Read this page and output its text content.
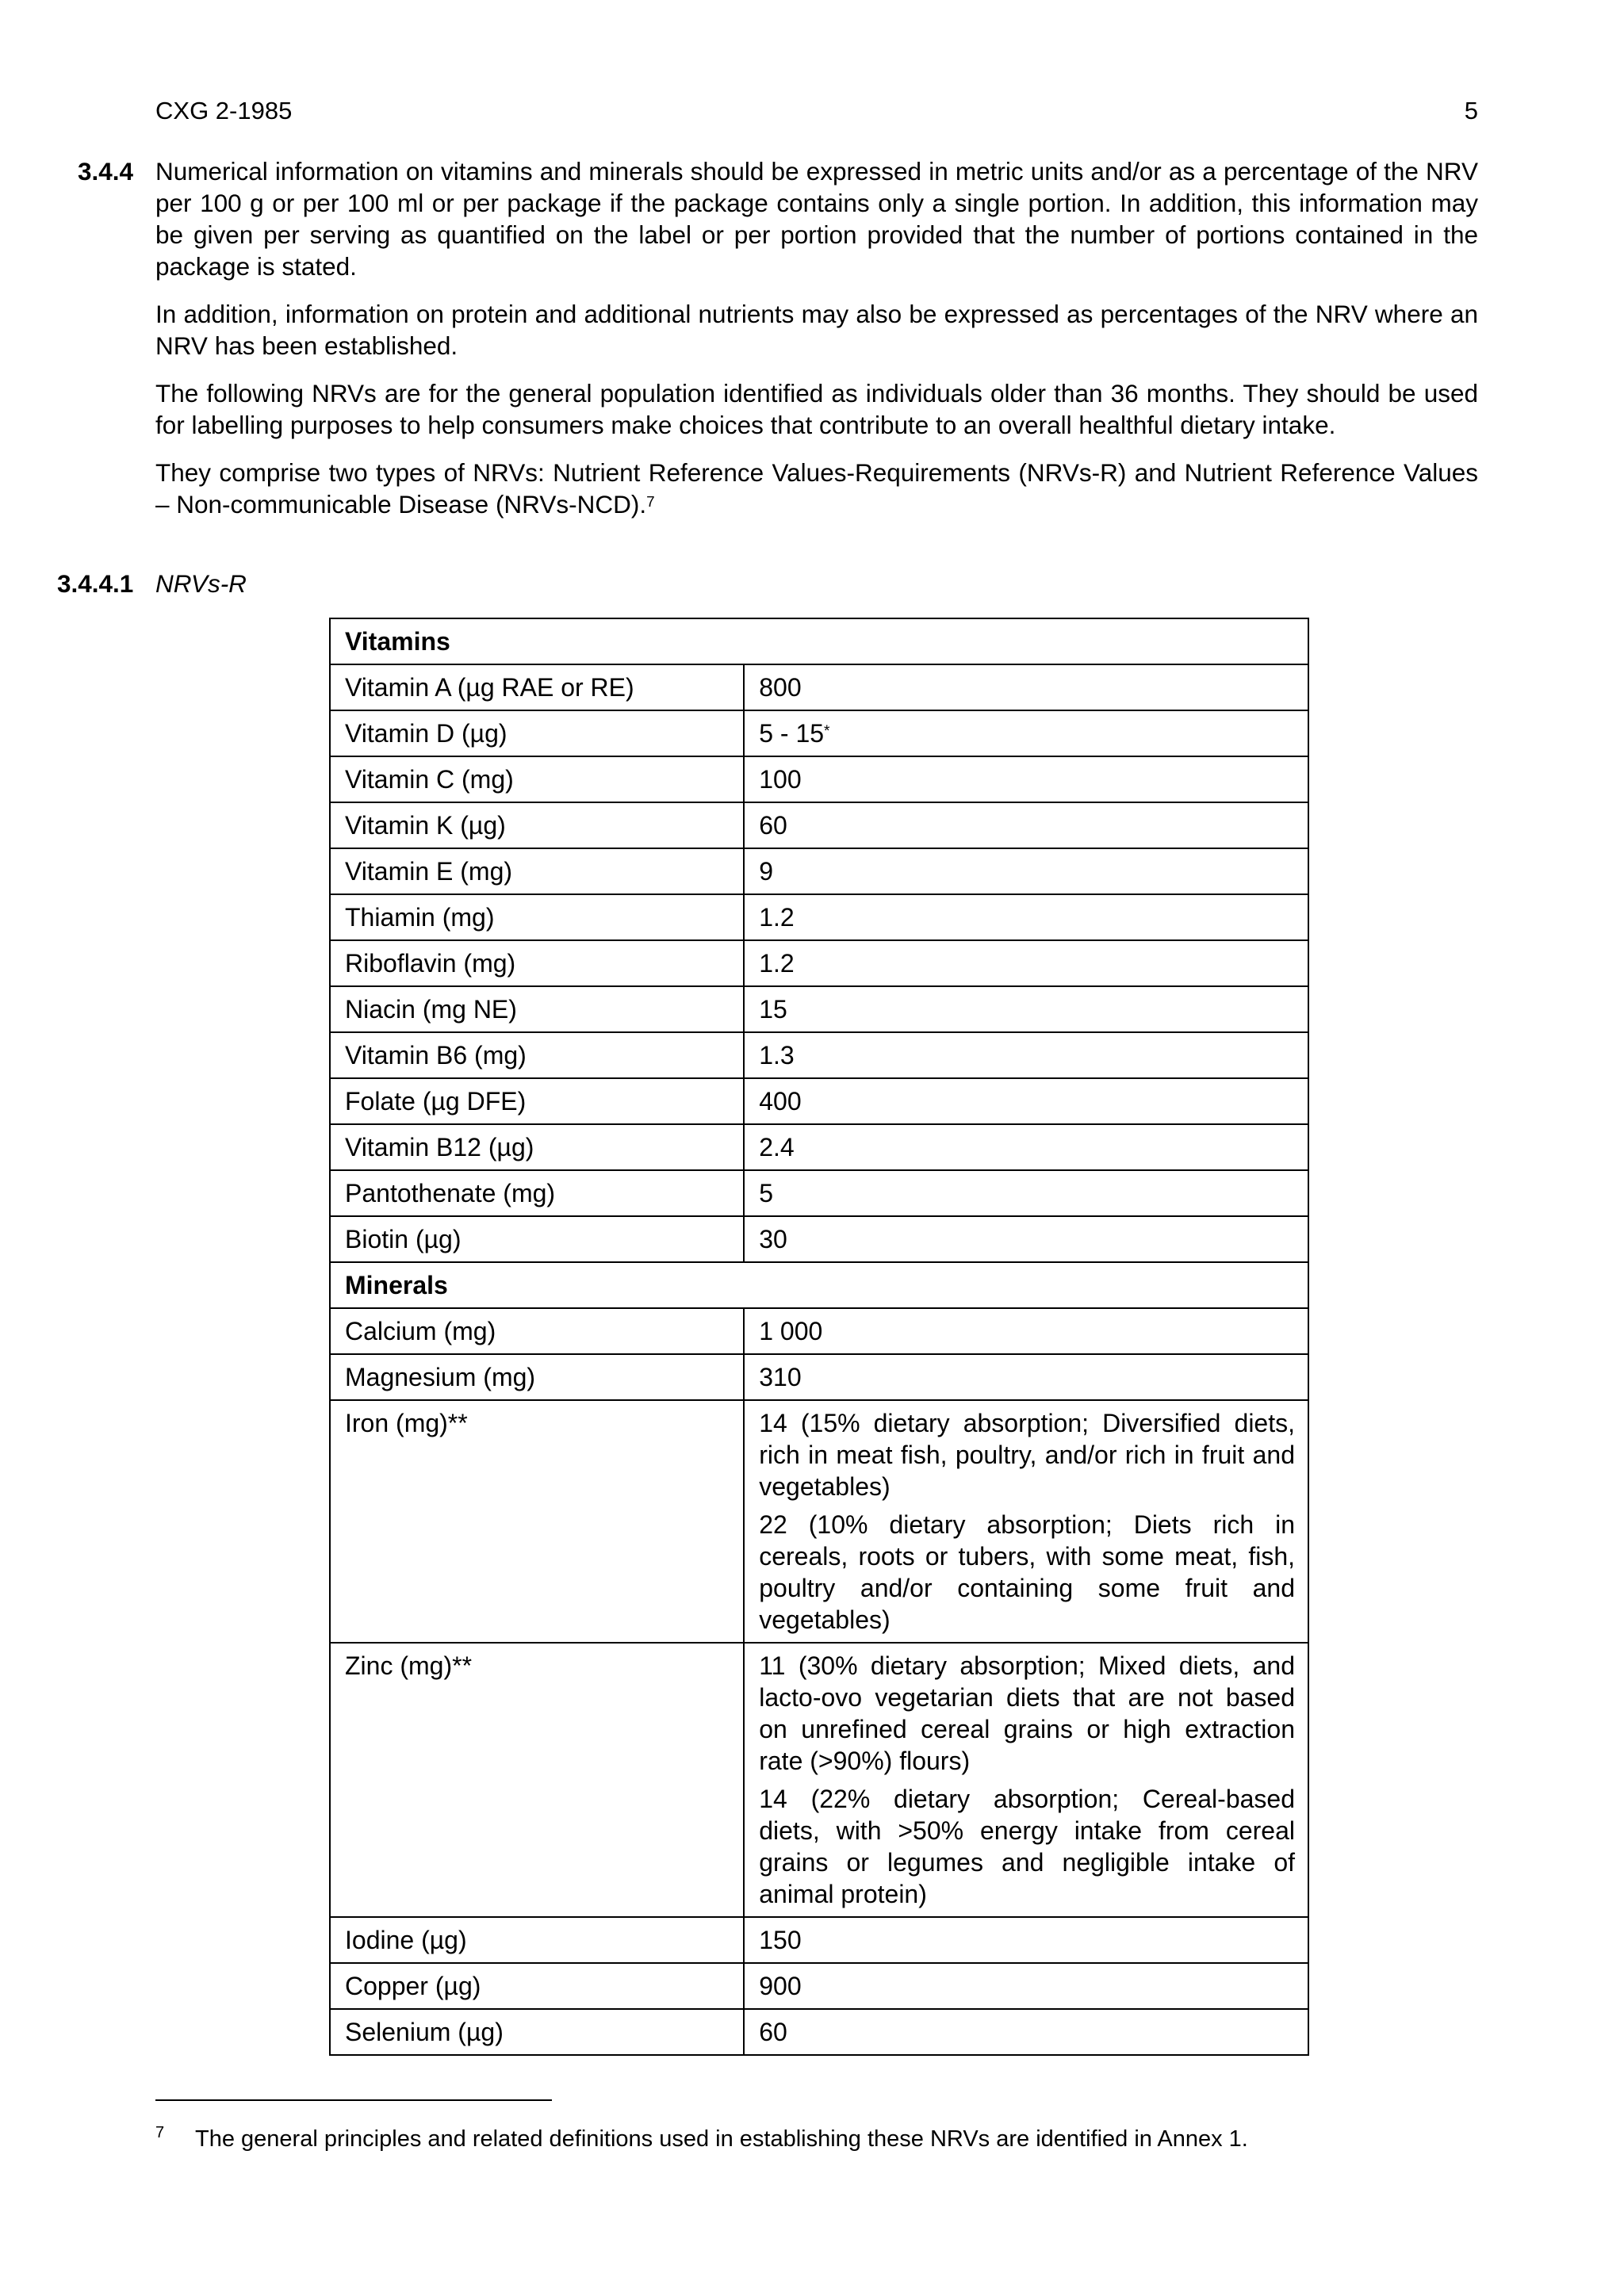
CXG 2-1985	5
3.4.4 Numerical information on vitamins and minerals should be expressed in metric units and/or as a percentage of the NRV per 100 g or per 100 ml or per package if the package contains only a single portion. In addition, this information may be given per serving as quantified on the label or per portion provided that the number of portions contained in the package is stated.

In addition, information on protein and additional nutrients may also be expressed as percentages of the NRV where an NRV has been established.

The following NRVs are for the general population identified as individuals older than 36 months. They should be used for labelling purposes to help consumers make choices that contribute to an overall healthful dietary intake.

They comprise two types of NRVs: Nutrient Reference Values-Requirements (NRVs-R) and Nutrient Reference Values – Non-communicable Disease (NRVs-NCD).$^7$

3.4.4.1 NRVs-R
Vitamins	
Vitamin A (µg RAE or RE)	800
Vitamin D (µg)	5 - 15*
Vitamin C (mg)	100
Vitamin K (µg)	60
Vitamin E (mg)	9
Thiamin (mg)	1.2
Riboflavin (mg)	1.2
Niacin (mg NE)	15
Vitamin B6 (mg)	1.3
Folate (µg DFE)	400
Vitamin B12 (µg)	2.4
Pantothenate (mg)	5
Biotin (µg)	30
Minerals	
Calcium (mg)	1 000
Magnesium (mg)	310
Iron (mg)**	14 (15% dietary absorption; Diversified diets, rich in meat fish, poultry, and/or rich in fruit and vegetables)

22 (10% dietary absorption; Diets rich in cereals, roots or tubers, with some meat, fish, poultry and/or containing some fruit and vegetables)

Zinc (mg)**	11 (30% dietary absorption; Mixed diets, and lacto-ovo vegetarian diets that are not based on unrefined cereal grains or high extraction rate (>90%) flours)

14 (22% dietary absorption; Cereal-based diets, with >50% energy intake from cereal grains or legumes and negligible intake of animal protein)

Iodine (µg)	150
Copper (µg)	900
Selenium (µg)	60
7 The general principles and related definitions used in establishing these NRVs are identified in Annex 1.
